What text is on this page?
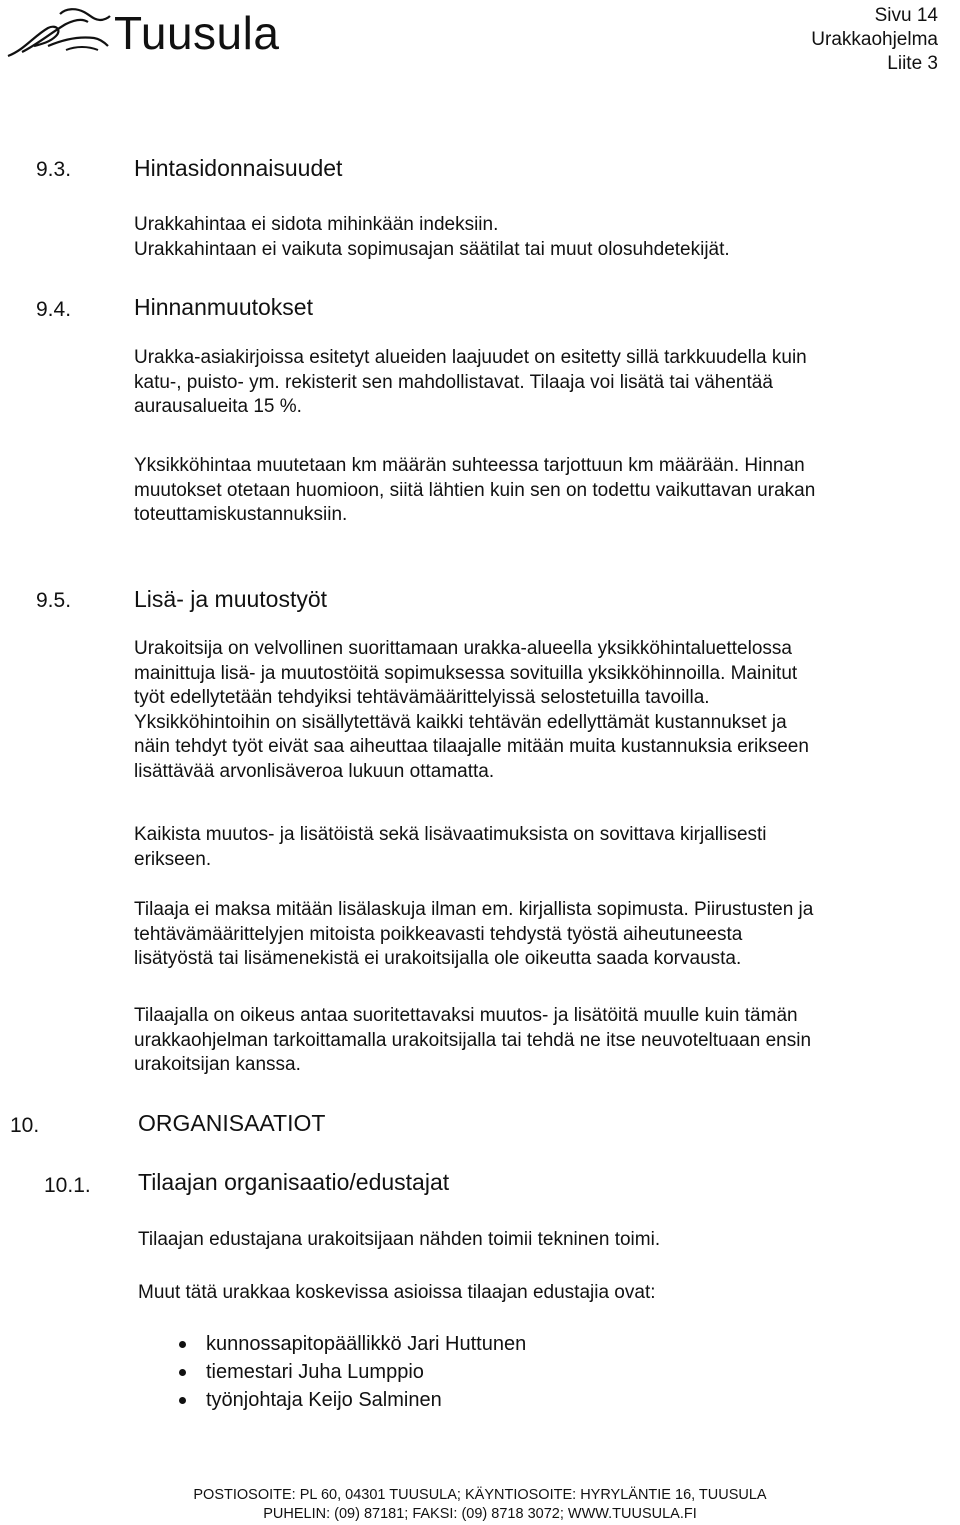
Tuusula	Sivu 14
Urakkaohjelma
Liite 3
9.3.	Hintasidonnaisuudet
Urakkahintaa ei sidota mihinkään indeksiin.
Urakkahintaan ei vaikuta sopimusajan säätilat tai muut olosuhdetekijät.
9.4.	Hinnanmuutokset
Urakka-asiakirjoissa esitetyt alueiden laajuudet on esitetty sillä tarkkuudella kuin
katu-, puisto- ym. rekisterit sen mahdollistavat. Tilaaja voi lisätä tai vähentää
aurausalueita 15 %.
Yksikköhintaa muutetaan km määrän suhteessa tarjottuun km määrään. Hinnan
muutokset otetaan huomioon, siitä lähtien kuin sen on todettu vaikuttavan urakan
toteuttamiskustannuksiin.
9.5.	Lisä- ja muutostyöt
Urakoitsija on velvollinen suorittamaan urakka-alueella yksikköhintaluettelossa
mainittuja lisä- ja muutostöitä sopimuksessa sovituilla yksikköhinnoilla. Mainitut
työt edellytetään tehdyiksi tehtävämäärittelyissä selostetuilla tavoilla.
Yksikköhintoihin on sisällytettävä kaikki tehtävän edellyttämät kustannukset ja
näin tehdyt työt eivät saa aiheuttaa tilaajalle mitään muita kustannuksia erikseen
lisättävää arvonlisäveroa lukuun ottamatta.
Kaikista muutos- ja lisätöistä sekä lisävaatimuksista on sovittava kirjallisesti
erikseen.
Tilaaja ei maksa mitään lisälaskuja ilman em. kirjallista sopimusta. Piirustusten ja
tehtävämäärittelyjen mitoista poikkeavasti tehdystä työstä aiheutuneesta
lisätyöstä tai lisämenekistä ei urakoitsijalla ole oikeutta saada korvausta.
Tilaajalla on oikeus antaa suoritettavaksi muutos- ja lisätöitä muulle kuin tämän
urakkaohjelman tarkoittamalla urakoitsijalla tai tehdä ne itse neuvoteltuaan ensin
urakoitsijan kanssa.
10.	ORGANISAATIOT
10.1. Tilaajan organisaatio/edustajat
Tilaajan edustajana urakoitsijaan nähden toimii tekninen toimi.
Muut tätä urakkaa koskevissa asioissa tilaajan edustajia ovat:
kunnossapitopäällikkö Jari Huttunen
tiemestari Juha Lumppio
työnjohtaja Keijo Salminen
POSTIOSOITE: PL 60, 04301 TUUSULA; KÄYNTIOSOITE: HYRYLÄNTIE 16, TUUSULA
PUHELIN: (09) 87181; FAKSI: (09) 8718 3072; WWW.TUUSULA.FI
